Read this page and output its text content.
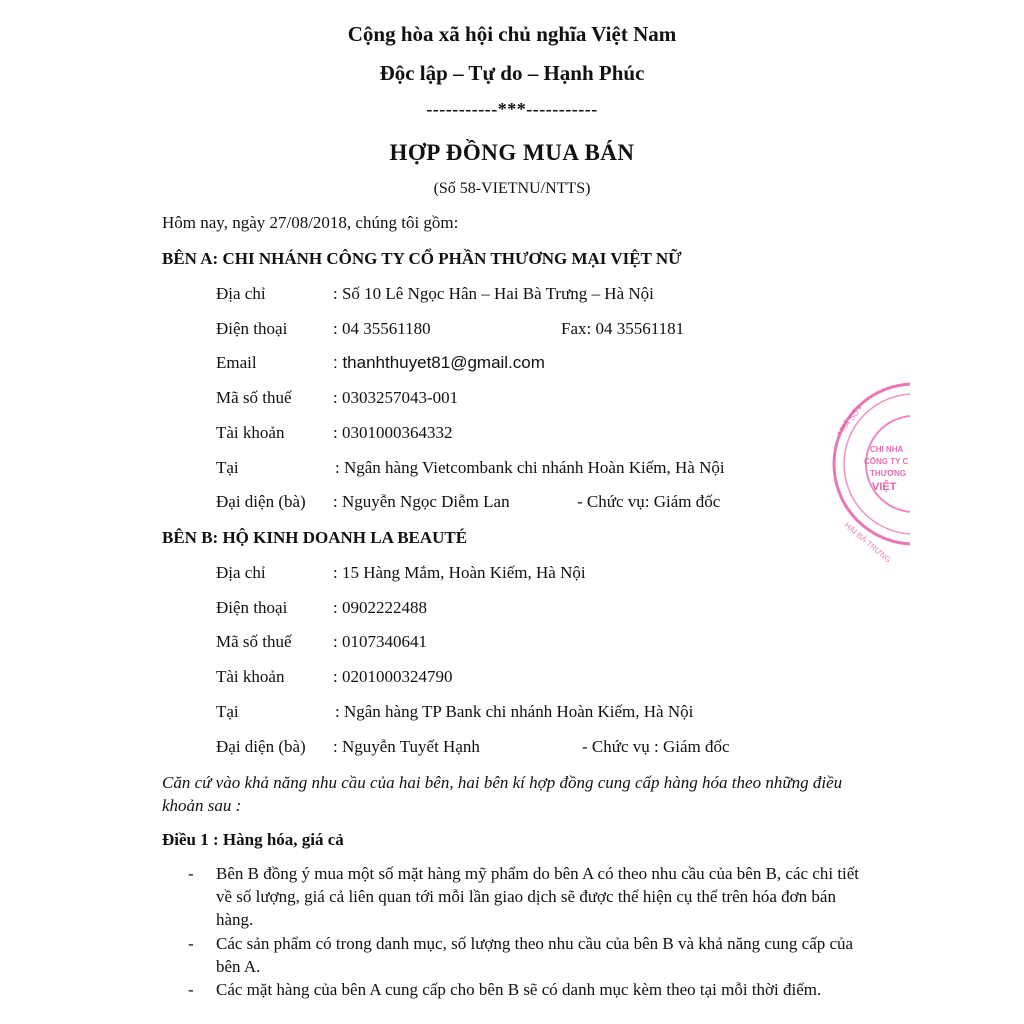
Cộng hòa xã hội chủ nghĩa Việt Nam
Độc lập – Tự do – Hạnh Phúc
-----------***-----------
HỢP ĐỒNG MUA BÁN
(Số 58-VIETNU/NTTS)
Hôm nay, ngày 27/08/2018, chúng tôi gồm:
BÊN A: CHI NHÁNH CÔNG TY CỔ PHẦN THƯƠNG MẠI VIỆT NỮ
Địa chỉ	: Số 10 Lê Ngọc Hân – Hai Bà Trưng – Hà Nội
Điện thoại	: 04 35561180	Fax: 04 35561181
Email	: thanhthuyet81@gmail.com
Mã số thuế : 0303257043-001
Tài khoản	: 0301000364332
Tại	: Ngân hàng Vietcombank chi nhánh Hoàn Kiếm, Hà Nội
Đại diện (bà) : Nguyễn Ngọc Diễm Lan	- Chức vụ: Giám đốc
BÊN B: HỘ KINH DOANH LA BEAUTÉ
Địa chỉ	: 15 Hàng Mắm, Hoàn Kiếm, Hà Nội
Điện thoại	: 0902222488
Mã số thuế : 0107340641
Tài khoản	: 0201000324790
Tại	: Ngân hàng TP Bank chi nhánh Hoàn Kiếm, Hà Nội
Đại diện (bà) : Nguyễn Tuyết Hạnh	- Chức vụ : Giám đốc
Căn cứ vào khả năng nhu cầu của hai bên, hai bên kí hợp đồng cung cấp hàng hóa theo những điều khoản sau :
Điều 1 : Hàng hóa, giá cả
- Bên B đồng ý mua một số mặt hàng mỹ phẩm do bên A có theo nhu cầu của bên B, các chi tiết về số lượng, giá cả liên quan tới mỗi lần giao dịch sẽ được thể hiện cụ thể trên hóa đơn bán hàng.
- Các sản phẩm có trong danh mục, số lượng theo nhu cầu của bên B và khả năng cung cấp của bên A.
- Các mặt hàng của bên A cung cấp cho bên B sẽ có danh mục kèm theo tại mỗi thời điểm.
• MÃ SỐ •
HAI BÀ TRƯNG
CHI NHÁ
CÔNG TY C
THƯƠNG
VIỆT
